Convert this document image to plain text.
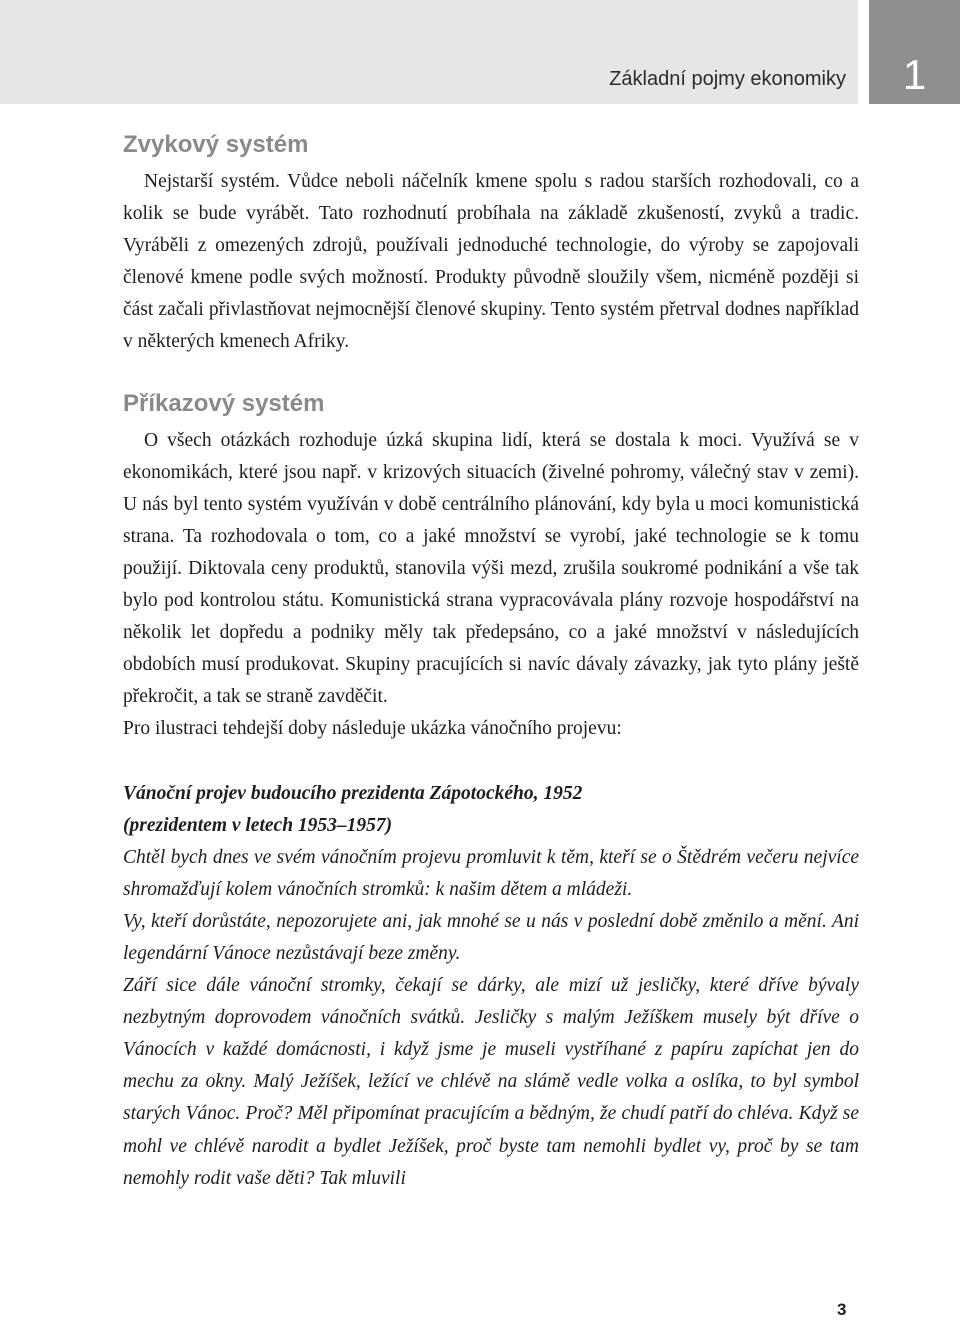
Základní pojmy ekonomiky	1
Zvykový systém

Nejstarší systém. Vůdce neboli náčelník kmene spolu s radou starších rozhodovali, co a kolik se bude vyrábět. Tato rozhodnutí probíhala na základě zkušeností, zvyků a tradic. Vyráběli z omezených zdrojů, používali jednoduché technologie, do výroby se zapojovali členové kmene podle svých možností. Produkty původně sloužily všem, nicméně později si část začali přivlastňovat nejmocnější členové skupiny. Tento systém přetrval dodnes například v některých kmenech Afriky.

Příkazový systém

O všech otázkách rozhoduje úzká skupina lidí, která se dostala k moci. Využívá se v ekonomikách, které jsou např. v krizových situacích (živelné pohromy, válečný stav v zemi). U nás byl tento systém využíván v době centrálního plánování, kdy byla u moci komunistická strana. Ta rozhodovala o tom, co a jaké množství se vyrobí, jaké technologie se k tomu použijí. Diktovala ceny produktů, stanovila výši mezd, zrušila soukromé podnikání a vše tak bylo pod kontrolou státu. Komunistická strana vypracovávala plány rozvoje hospodářství na několik let dopředu a podniky měly tak předepsáno, co a jaké množství v následujících obdobích musí produkovat. Skupiny pracujících si navíc dávaly závazky, jak tyto plány ještě překročit, a tak se straně zavděčit.

Pro ilustraci tehdejší doby následuje ukázka vánočního projevu:

Vánoční projev budoucího prezidenta Zápotockého, 1952

(prezidentem v letech 1953–1957)

Chtěl bych dnes ve svém vánočním projevu promluvit k těm, kteří se o Štědrém večeru nejvíce shromažďují kolem vánočních stromků: k našim dětem a mládeži.

Vy, kteří dorůstáte, nepozorujete ani, jak mnohé se u nás v poslední době změnilo a mění. Ani legendární Vánoce nezůstávají beze změny.

Září sice dále vánoční stromky, čekají se dárky, ale mizí už jesličky, které dříve bývaly nezbytným doprovodem vánočních svátků. Jesličky s malým Ježíškem musely být dříve o Vánocích v každé domácnosti, i když jsme je museli vystříhané z papíru zapíchat jen do mechu za okny. Malý Ježíšek, ležící ve chlévě na slámě vedle volka a oslíka, to byl symbol starých Vánoc. Proč? Měl připomínat pracujícím a bědným, že chudí patří do chléva. Když se mohl ve chlévě narodit a bydlet Ježíšek, proč byste tam nemohli bydlet vy, proč by se tam nemohly rodit vaše děti? Tak mluvili

3
